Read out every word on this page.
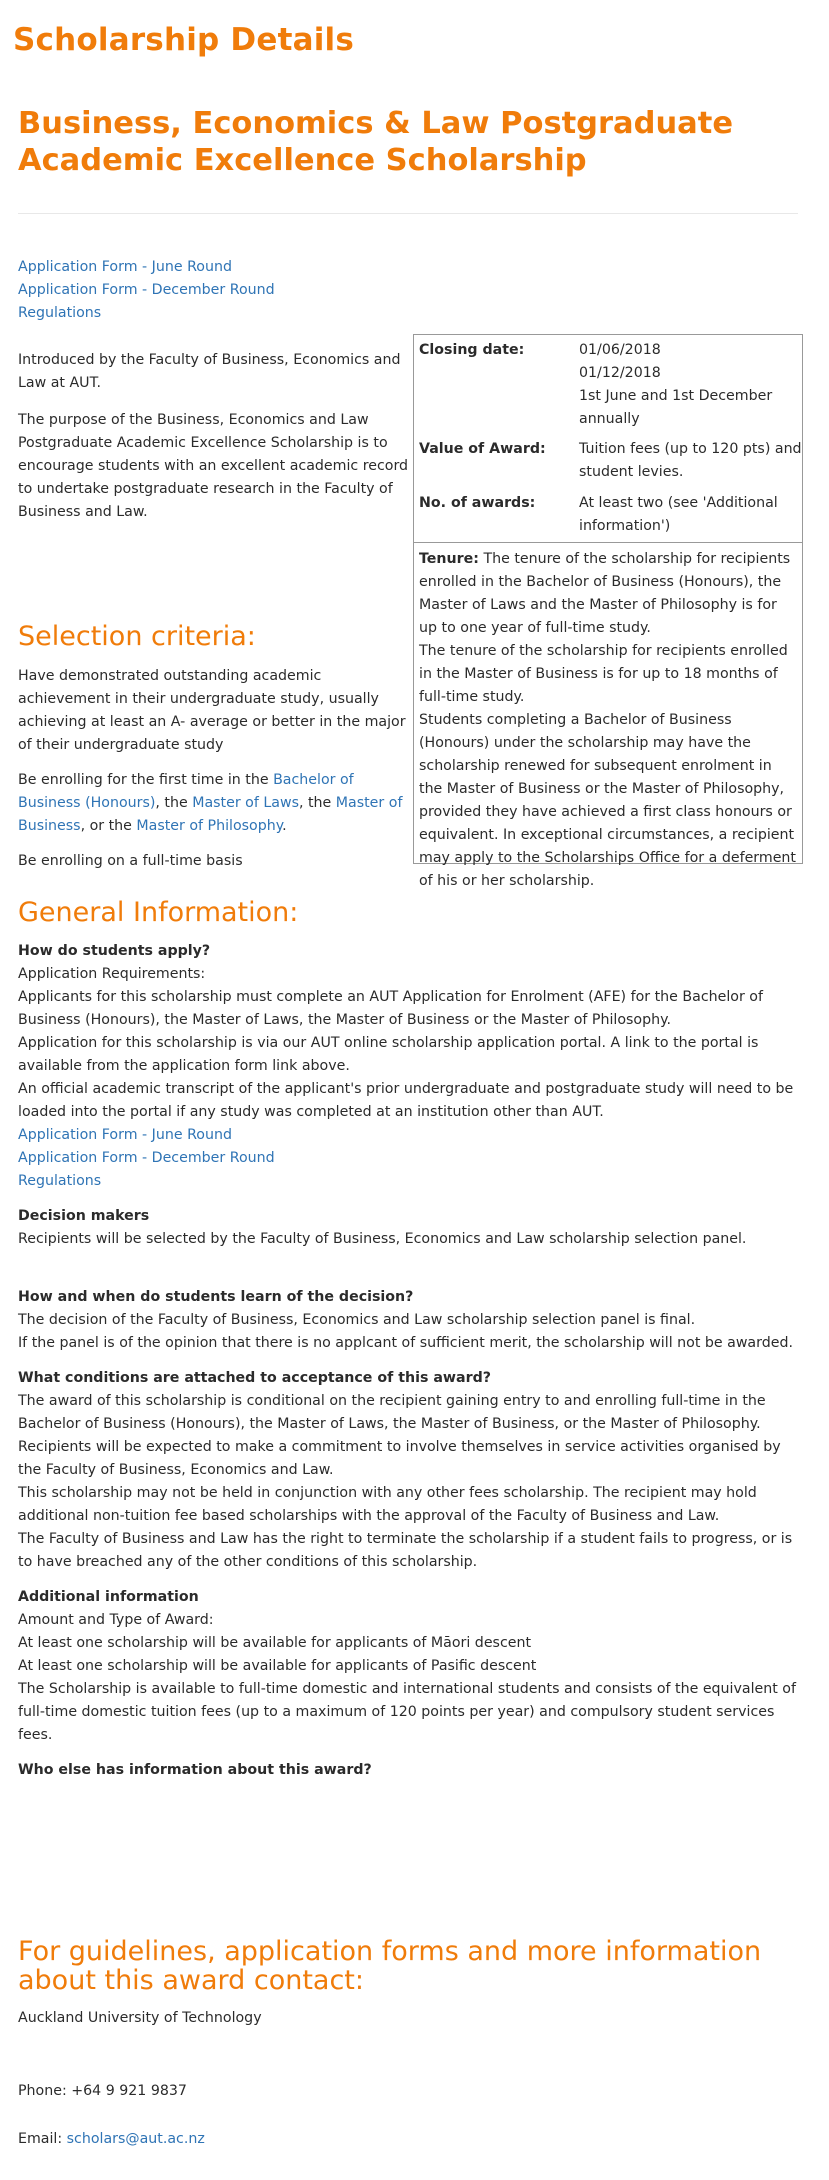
Scholarship Details
Business, Economics & Law Postgraduate Academic Excellence Scholarship
Application Form - June Round
Application Form - December Round
Regulations

Introduced by the Faculty of Business, Economics and Law at AUT.

The purpose of the Business, Economics and Law Postgraduate Academic Excellence Scholarship is to encourage students with an excellent academic record to undertake postgraduate research in the Faculty of Business and Law.

Closing date:	01/06/2018
01/12/2018
1st June and 1st December annually
Value of Award:	Tuition fees (up to 120 pts) and student levies.
No. of awards:	At least two (see 'Additional information')
Tenure: The tenure of the scholarship for recipients enrolled in the Bachelor of Business (Honours), the Master of Laws and the Master of Philosophy is for up to one year of full-time study.
The tenure of the scholarship for recipients enrolled in the Master of Business is for up to 18 months of full-time study.
Students completing a Bachelor of Business (Honours) under the scholarship may have the scholarship renewed for subsequent enrolment in the Master of Business or the Master of Philosophy, provided they have achieved a first class honours or equivalent. In exceptional circumstances, a recipient may apply to the Scholarships Office for a deferment of his or her scholarship.
Selection criteria:

Have demonstrated outstanding academic achievement in their undergraduate study, usually achieving at least an A- average or better in the major of their undergraduate study

Be enrolling for the first time in the Bachelor of Business (Honours), the Master of Laws, the Master of Business, or the Master of Philosophy.

Be enrolling on a full-time basis

General Information:
How do students apply?
Application Requirements:
Applicants for this scholarship must complete an AUT Application for Enrolment (AFE) for the Bachelor of Business (Honours), the Master of Laws, the Master of Business or the Master of Philosophy.
Application for this scholarship is via our AUT online scholarship application portal. A link to the portal is available from the application form link above.
An official academic transcript of the applicant's prior undergraduate and postgraduate study will need to be loaded into the portal if any study was completed at an institution other than AUT.
Application Form - June Round
Application Form - December Round
Regulations
Decision makers
Recipients will be selected by the Faculty of Business, Economics and Law scholarship selection panel.
How and when do students learn of the decision?
The decision of the Faculty of Business, Economics and Law scholarship selection panel is final.
If the panel is of the opinion that there is no applcant of sufficient merit, the scholarship will not be awarded.
What conditions are attached to acceptance of this award?
The award of this scholarship is conditional on the recipient gaining entry to and enrolling full-time in the Bachelor of Business (Honours), the Master of Laws, the Master of Business, or the Master of Philosophy.
Recipients will be expected to make a commitment to involve themselves in service activities organised by the Faculty of Business, Economics and Law.
This scholarship may not be held in conjunction with any other fees scholarship. The recipient may hold additional non-tuition fee based scholarships with the approval of the Faculty of Business and Law.
The Faculty of Business and Law has the right to terminate the scholarship if a student fails to progress, or is to have breached any of the other conditions of this scholarship.
Additional information
Amount and Type of Award:
At least one scholarship will be available for applicants of Māori descent
At least one scholarship will be available for applicants of Pasific descent
The Scholarship is available to full-time domestic and international students and consists of the equivalent of full-time domestic tuition fees (up to a maximum of 120 points per year) and compulsory student services fees.
Who else has information about this award?
For guidelines, application forms and more information about this award contact:
Auckland University of Technology
Phone: +64 9 921 9837
Email: scholars@aut.ac.nz
